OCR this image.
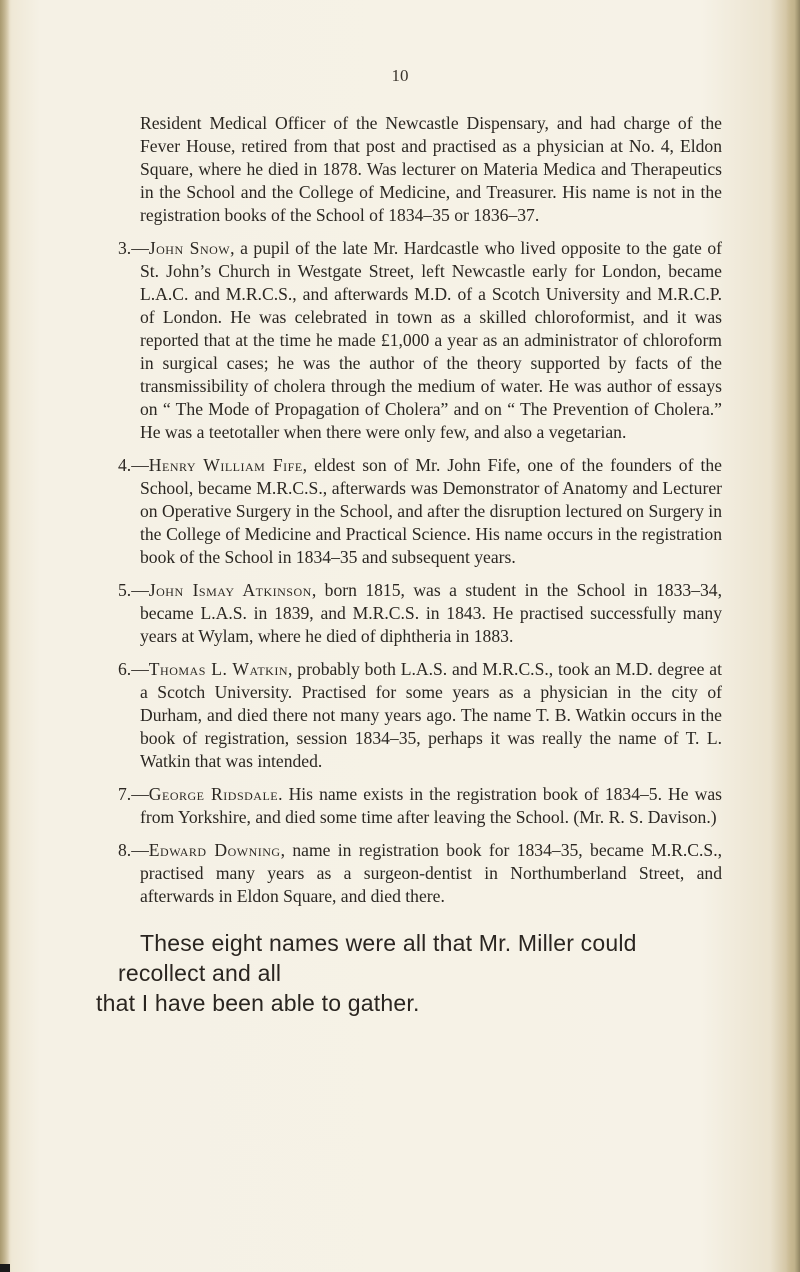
10

Resident Medical Officer of the Newcastle Dispensary, and had charge of the Fever House, retired from that post and practised as a physician at No. 4, Eldon Square, where he died in 1878. Was lecturer on Materia Medica and Therapeutics in the School and the College of Medicine, and Treasurer. His name is not in the registration books of the School of 1834–35 or 1836–37.

3.—John Snow, a pupil of the late Mr. Hardcastle who lived opposite to the gate of St. John’s Church in Westgate Street, left Newcastle early for London, became L.A.C. and M.R.C.S., and afterwards M.D. of a Scotch University and M.R.C.P. of London. He was celebrated in town as a skilled chloroformist, and it was reported that at the time he made £1,000 a year as an administrator of chloroform in surgical cases; he was the author of the theory supported by facts of the transmissibility of cholera through the medium of water. He was author of essays on “ The Mode of Propagation of Cholera” and on “ The Prevention of Cholera.” He was a teetotaller when there were only few, and also a vegetarian.

4.—Henry William Fife, eldest son of Mr. John Fife, one of the founders of the School, became M.R.C.S., afterwards was Demonstrator of Anatomy and Lecturer on Operative Surgery in the School, and after the disruption lectured on Surgery in the College of Medicine and Practical Science. His name occurs in the registration book of the School in 1834–35 and subsequent years.

5.—John Ismay Atkinson, born 1815, was a student in the School in 1833–34, became L.A.S. in 1839, and M.R.C.S. in 1843. He practised successfully many years at Wylam, where he died of diphtheria in 1883.

6.—Thomas L. Watkin, probably both L.A.S. and M.R.C.S., took an M.D. degree at a Scotch University. Practised for some years as a physician in the city of Durham, and died there not many years ago. The name T. B. Watkin occurs in the book of registration, session 1834–35, perhaps it was really the name of T. L. Watkin that was intended.

7.—George Ridsdale. His name exists in the registration book of 1834–5. He was from Yorkshire, and died some time after leaving the School. (Mr. R. S. Davison.)

8.—Edward Downing, name in registration book for 1834–35, became M.R.C.S., practised many years as a surgeon-dentist in Northumberland Street, and afterwards in Eldon Square, and died there.

These eight names were all that Mr. Miller could recollect and all
that I have been able to gather.
